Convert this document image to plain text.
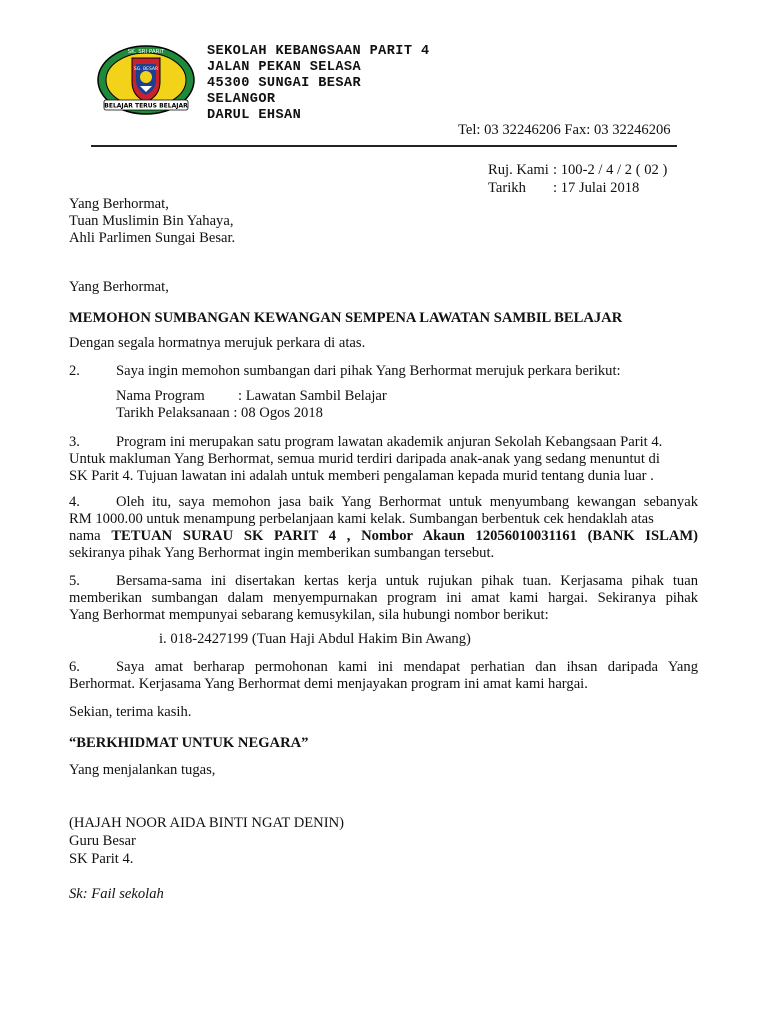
SK. SRI PARIT
SG. BESAR
BELAJAR TERUS BELAJAR
SEKOLAH KEBANGSAAN PARIT 4
JALAN PEKAN SELASA
45300 SUNGAI BESAR
SELANGOR
DARUL EHSAN
Tel: 03 32246206 Fax: 03 32246206
Ruj. Kami : 100-2 / 4 / 2 ( 02 )
Tarikh : 17 Julai 2018
Yang Berhormat,
Tuan Muslimin Bin Yahaya,
Ahli Parlimen Sungai Besar.
Yang Berhormat,
MEMOHON SUMBANGAN KEWANGAN SEMPENA LAWATAN SAMBIL BELAJAR
Dengan segala hormatnya merujuk perkara di atas.
2. Saya ingin memohon sumbangan dari pihak Yang Berhormat merujuk perkara berikut:
Nama Program : Lawatan Sambil Belajar
Tarikh Pelaksanaan : 08 Ogos 2018
3. Program ini merupakan satu program lawatan akademik anjuran Sekolah Kebangsaan Parit 4.
Untuk makluman Yang Berhormat, semua murid terdiri daripada anak-anak yang sedang menuntut di
SK Parit 4. Tujuan lawatan ini adalah untuk memberi pengalaman kepada murid tentang dunia luar .
4. Oleh itu, saya memohon jasa baik Yang Berhormat untuk menyumbang kewangan sebanyak
RM 1000.00 untuk menampung perbelanjaan kami kelak. Sumbangan berbentuk cek hendaklah atas
nama TETUAN SURAU SK PARIT 4 , Nombor Akaun 12056010031161 (BANK ISLAM)
sekiranya pihak Yang Berhormat ingin memberikan sumbangan tersebut.
5. Bersama-sama ini disertakan kertas kerja untuk rujukan pihak tuan. Kerjasama pihak tuan
memberikan sumbangan dalam menyempurnakan program ini amat kami hargai. Sekiranya pihak
Yang Berhormat mempunyai sebarang kemusykilan, sila hubungi nombor berikut:
i. 018-2427199 (Tuan Haji Abdul Hakim Bin Awang)
6. Saya amat berharap permohonan kami ini mendapat perhatian dan ihsan daripada Yang
Berhormat. Kerjasama Yang Berhormat demi menjayakan program ini amat kami hargai.
Sekian, terima kasih.
“BERKHIDMAT UNTUK NEGARA”
Yang menjalankan tugas,
(HAJAH NOOR AIDA BINTI NGAT DENIN)
Guru Besar
SK Parit 4.
Sk: Fail sekolah
